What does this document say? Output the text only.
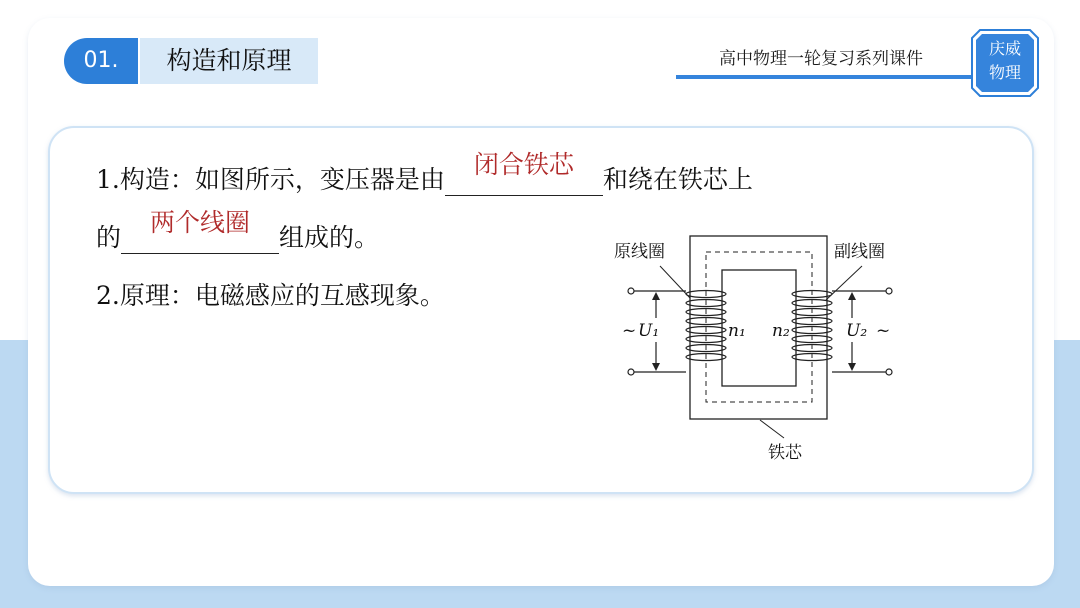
01.	构造和原理	高中物理一轮复习系列课件
庆威
物理
1.构造：如图所示，变压器是由
闭合铁芯
和绕在铁芯上
的
两个线圈
组成的。
2.原理：电磁感应的互感现象。
原线圈	副线圈
铁芯
~ U₁	n₁ n₂	U₂ ~
